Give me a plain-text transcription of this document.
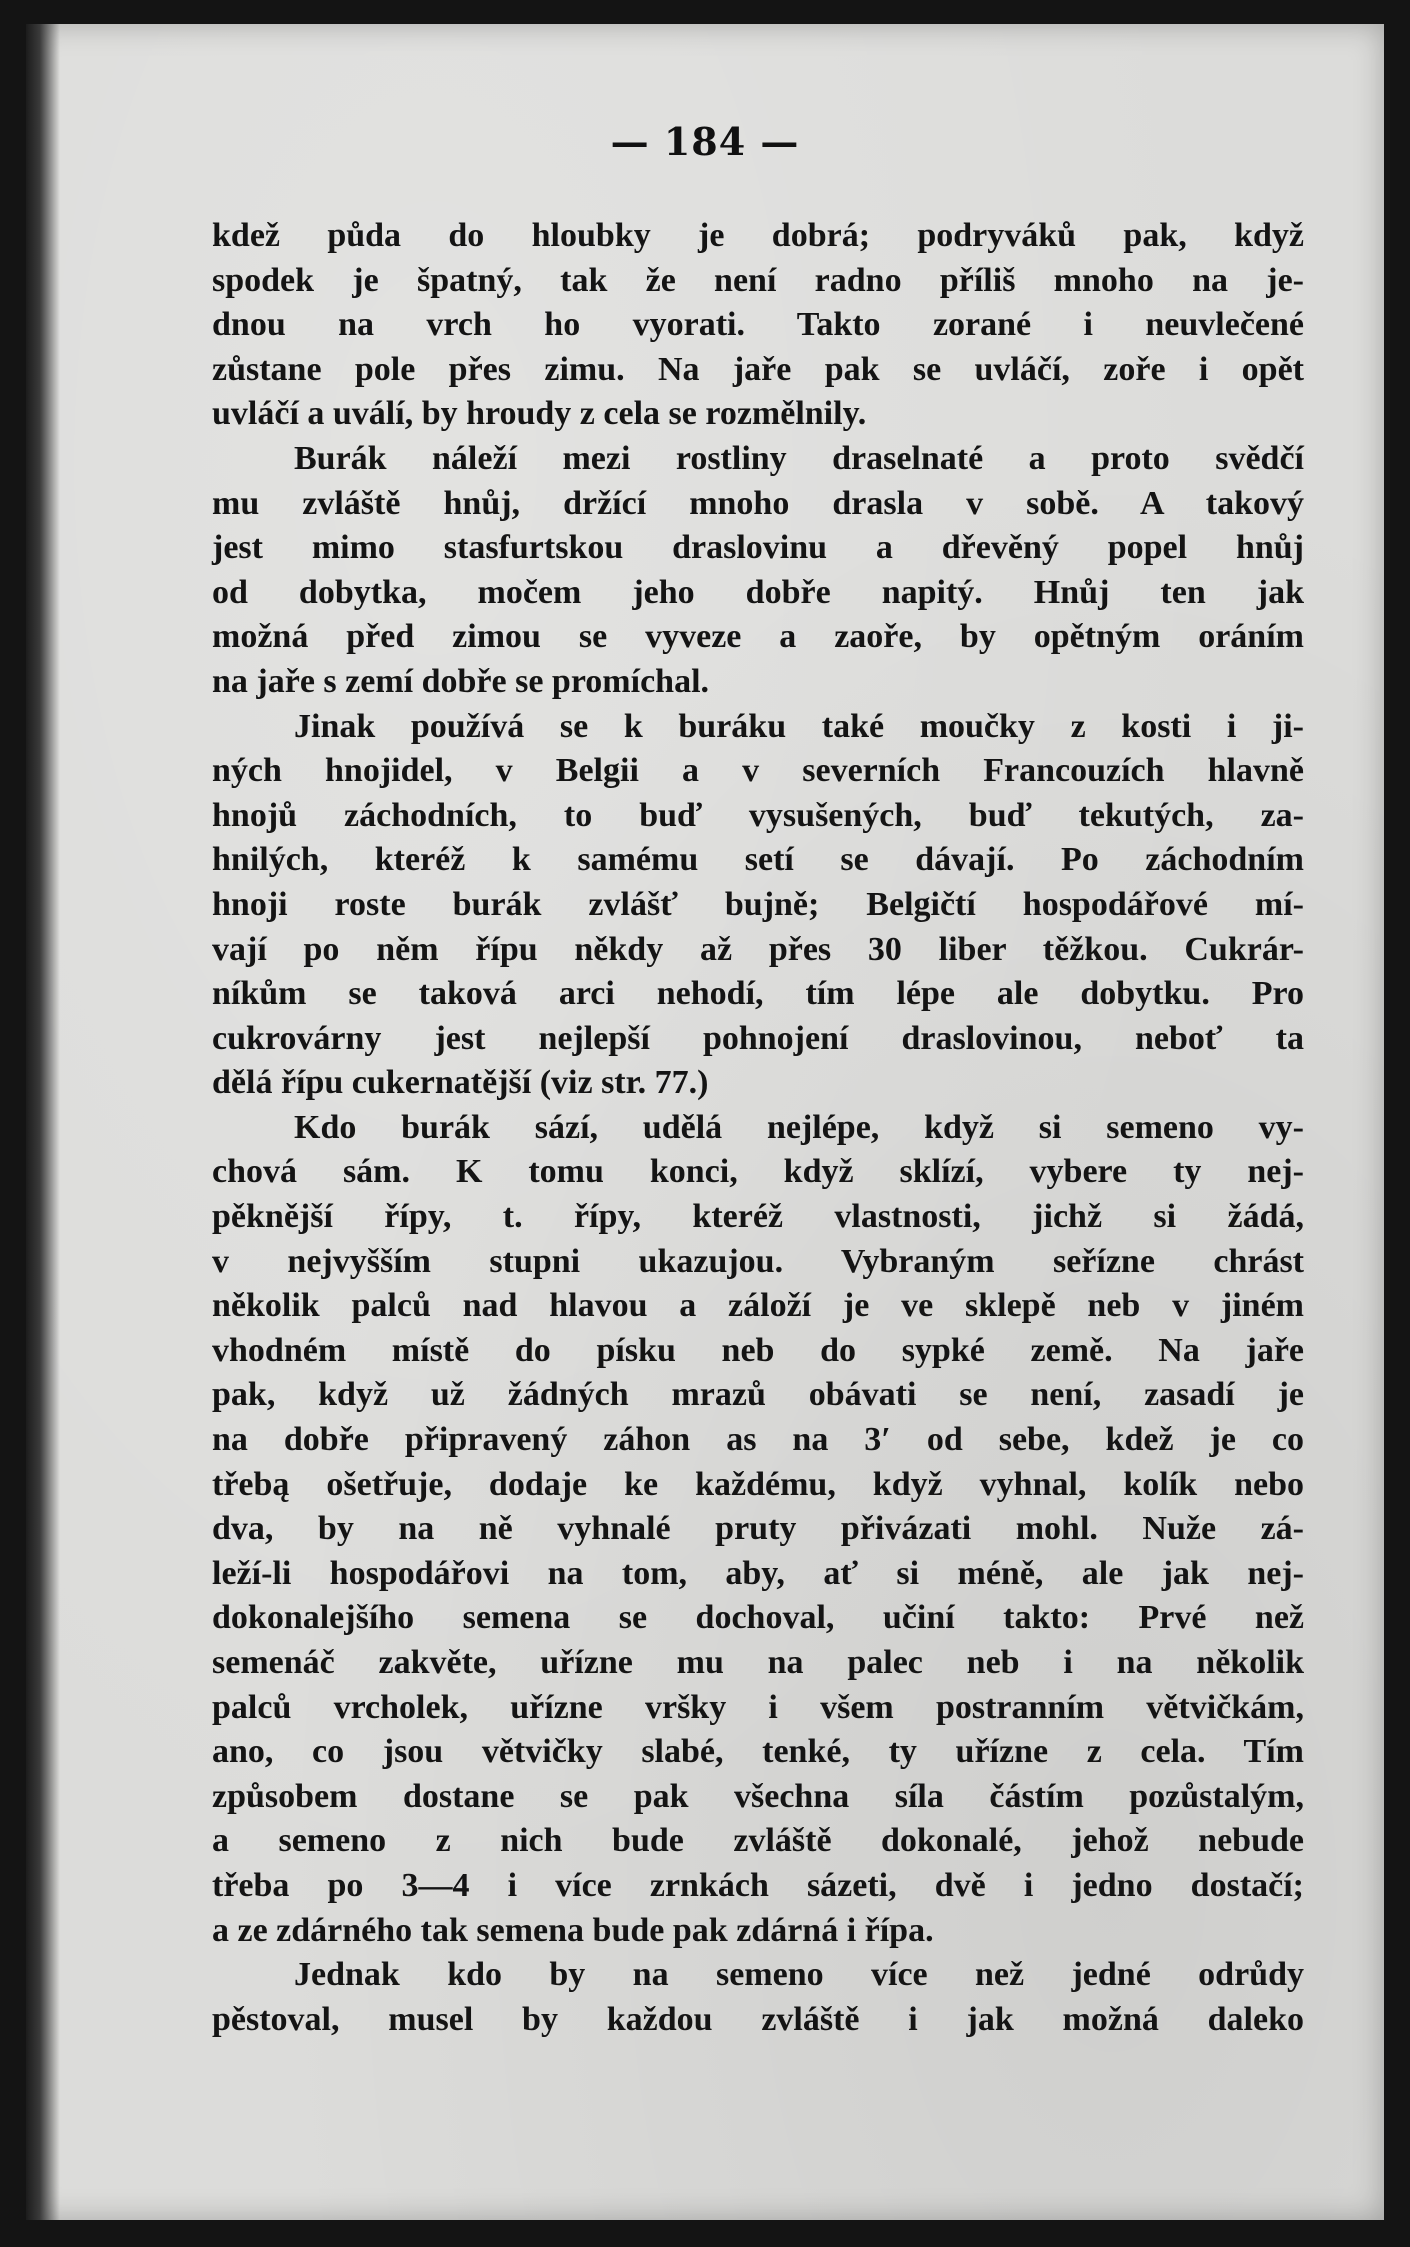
— 184 —
kdež půda do hloubky je dobrá; podryváků pak, když
spodek je špatný, tak že není radno příliš mnoho na je-
dnou na vrch ho vyorati. Takto zorané i neuvlečené
zůstane pole přes zimu. Na jaře pak se uvláčí, zoře i opět
uvláčí a uválí, by hroudy z cela se rozmělnily.
Burák náleží mezi rostliny draselnaté a proto svědčí
mu zvláště hnůj, držící mnoho drasla v sobě. A takový
jest mimo stasfurtskou draslovinu a dřevěný popel hnůj
od dobytka, močem jeho dobře napitý. Hnůj ten jak
možná před zimou se vyveze a zaoře, by opětným oráním
na jaře s zemí dobře se promíchal.
Jinak používá se k buráku také moučky z kosti i ji-
ných hnojidel, v Belgii a v severních Francouzích hlavně
hnojů záchodních, to buď vysušených, buď tekutých, za-
hnilých, kteréž k samému setí se dávají. Po záchodním
hnoji roste burák zvlášť bujně; Belgičtí hospodářové mí-
vají po něm řípu někdy až přes 30 liber těžkou. Cukrár-
níkům se taková arci nehodí, tím lépe ale dobytku. Pro
cukrovárny jest nejlepší pohnojení draslovinou, neboť ta
dělá řípu cukernatější (viz str. 77.)
Kdo burák sází, udělá nejlépe, když si semeno vy-
chová sám. K tomu konci, když sklízí, vybere ty nej-
pěknější řípy, t. řípy, kteréž vlastnosti, jichž si žádá,
v nejvyšším stupni ukazujou. Vybraným seřízne chrást
několik palců nad hlavou a záloží je ve sklepě neb v jiném
vhodném místě do písku neb do sypké země. Na jaře
pak, když už žádných mrazů obávati se není, zasadí je
na dobře připravený záhon as na 3′ od sebe, kdež je co
třebą ošetřuje, dodaje ke každému, když vyhnal, kolík nebo
dva, by na ně vyhnalé pruty přivázati mohl. Nuže zá-
leží-li hospodářovi na tom, aby, ať si méně, ale jak nej-
dokonalejšího semena se dochoval, učiní takto: Prvé než
semenáč zakvěte, uřízne mu na palec neb i na několik
palců vrcholek, uřízne vršky i všem postranním větvičkám,
ano, co jsou větvičky slabé, tenké, ty uřízne z cela. Tím
způsobem dostane se pak všechna síla částím pozůstalým,
a semeno z nich bude zvláště dokonalé, jehož nebude
třeba po 3—4 i více zrnkách sázeti, dvě i jedno dostačí;
a ze zdárného tak semena bude pak zdárná i řípa.
Jednak kdo by na semeno více než jedné odrůdy
pěstoval, musel by každou zvláště i jak možná daleko
